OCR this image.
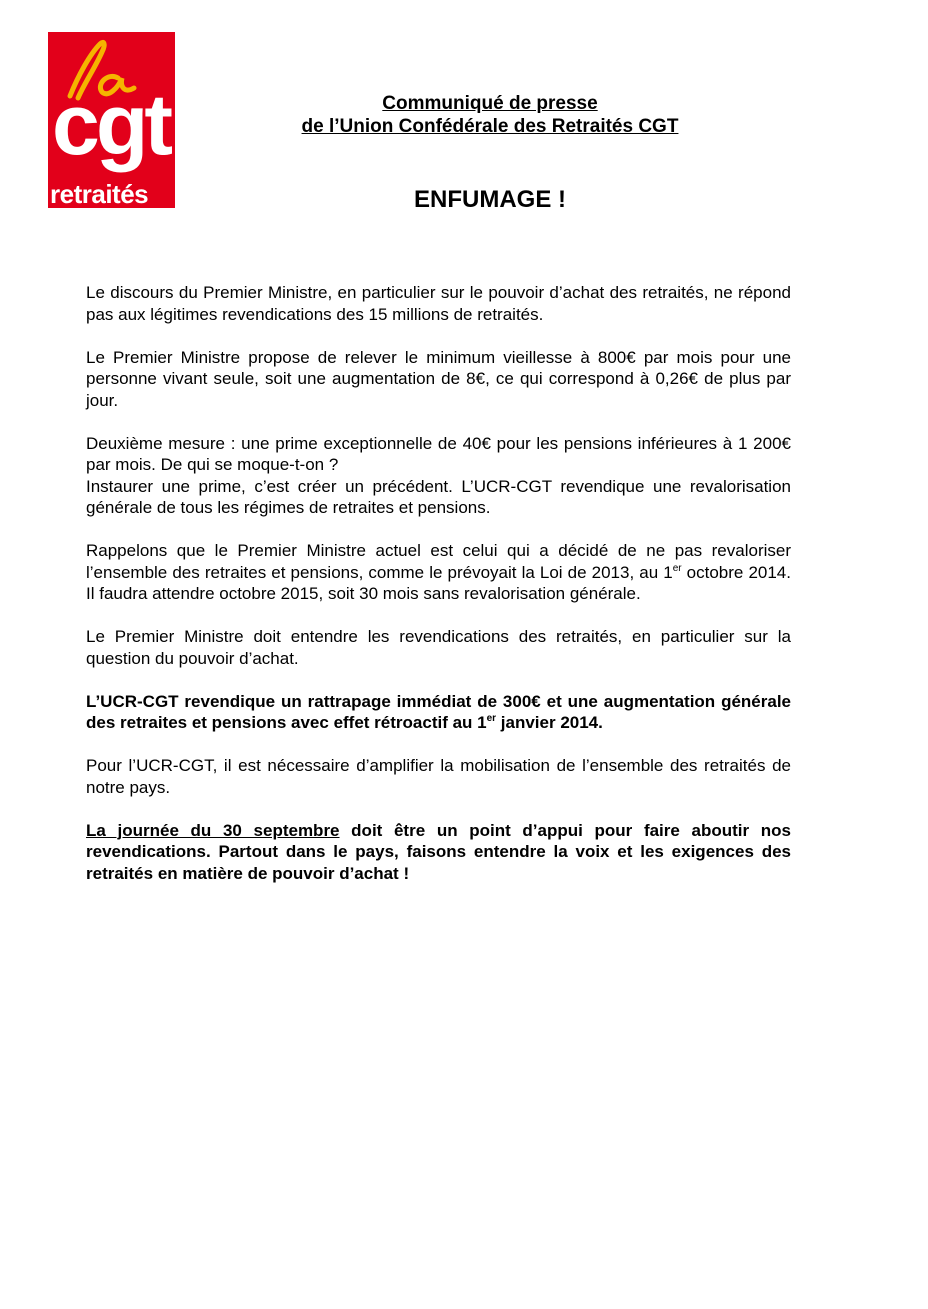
cgt
retraités
Communiqué de presse
de l’Union Confédérale des Retraités CGT
ENFUMAGE !

Le discours du Premier Ministre, en particulier sur le pouvoir d’achat des retraités, ne répond pas aux légitimes revendications des 15 millions de retraités.

Le Premier Ministre propose de relever le minimum vieillesse à 800€ par mois pour une personne vivant seule, soit une augmentation de 8€, ce qui correspond à 0,26€ de plus par jour.

Deuxième mesure : une prime exceptionnelle de 40€ pour les pensions inférieures à 1 200€ par mois. De qui se moque-t-on ?
Instaurer une prime, c’est créer un précédent. L’UCR-CGT revendique une revalorisation générale de tous les régimes de retraites et pensions.

Rappelons que le Premier Ministre actuel est celui qui a décidé de ne pas revaloriser l’ensemble des retraites et pensions, comme le prévoyait la Loi de 2013, au 1er octobre 2014. Il faudra attendre octobre 2015, soit 30 mois sans revalorisation générale.

Le Premier Ministre doit entendre les revendications des retraités, en particulier sur la question du pouvoir d’achat.

L’UCR-CGT revendique un rattrapage immédiat de 300€ et une augmentation générale des retraites et pensions avec effet rétroactif au 1er janvier 2014.

Pour l’UCR-CGT, il est nécessaire d’amplifier la mobilisation de l’ensemble des retraités de notre pays.

La journée du 30 septembre doit être un point d’appui pour faire aboutir nos revendications. Partout dans le pays, faisons entendre la voix et les exigences des retraités en matière de pouvoir d’achat !
